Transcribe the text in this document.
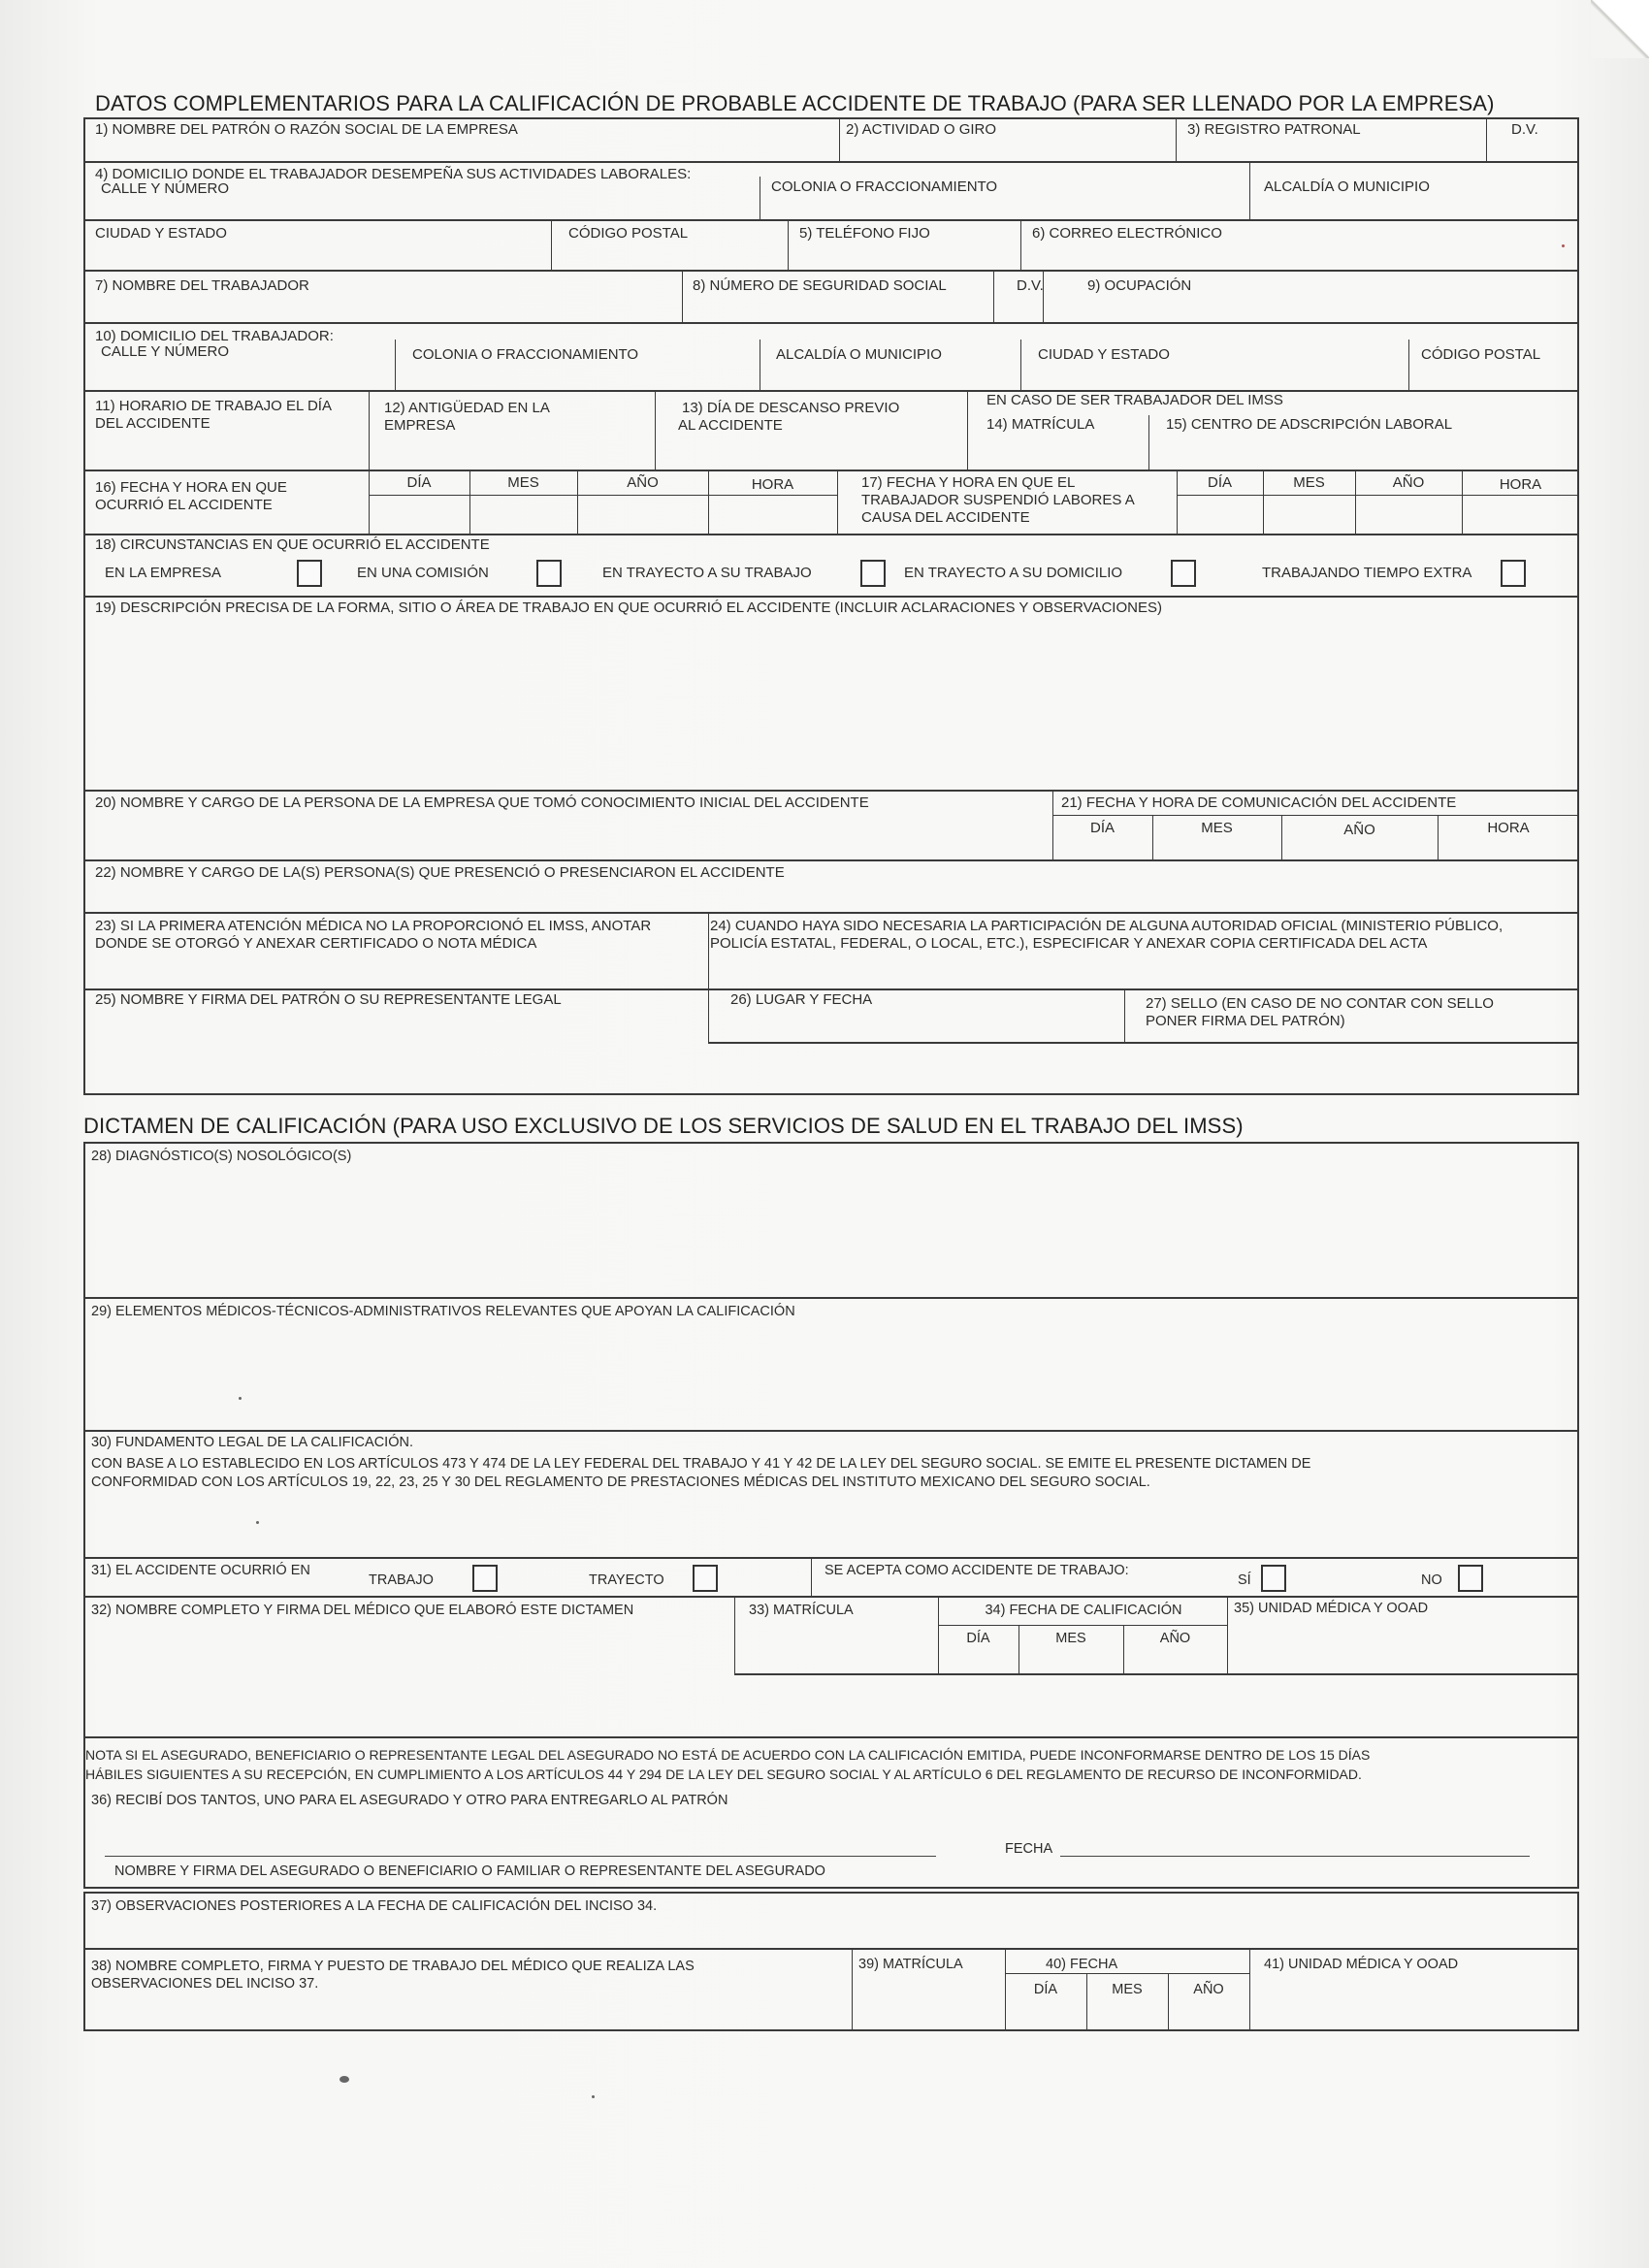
DATOS COMPLEMENTARIOS PARA LA CALIFICACIÓN DE PROBABLE ACCIDENTE DE TRABAJO (PARA SER LLENADO POR LA EMPRESA)
1) NOMBRE DEL PATRÓN O RAZÓN SOCIAL DE LA EMPRESA	2) ACTIVIDAD O GIRO	3) REGISTRO PATRONAL	D.V.
4) DOMICILIO DONDE EL TRABAJADOR DESEMPEÑA SUS ACTIVIDADES LABORALES:
CALLE Y NÚMERO	COLONIA O FRACCIONAMIENTO	ALCALDÍA O MUNICIPIO
CIUDAD Y ESTADO	CÓDIGO POSTAL	5) TELÉFONO FIJO	6) CORREO ELECTRÓNICO
7) NOMBRE DEL TRABAJADOR	8) NÚMERO DE SEGURIDAD SOCIAL	D.V.	9) OCUPACIÓN
10) DOMICILIO DEL TRABAJADOR:
CALLE Y NÚMERO	COLONIA O FRACCIONAMIENTO	ALCALDÍA O MUNICIPIO	CIUDAD Y ESTADO	CÓDIGO POSTAL
11) HORARIO DE TRABAJO EL DÍA
DEL ACCIDENTE
12) ANTIGÜEDAD EN LA
EMPRESA
13) DÍA DE DESCANSO PREVIO
AL ACCIDENTE
EN CASO DE SER TRABAJADOR DEL IMSS
14) MATRÍCULA	15) CENTRO DE ADSCRIPCIÓN LABORAL
16) FECHA Y HORA EN QUE
OCURRIÓ EL ACCIDENTE
DÍA	MES	AÑO	HORA	17) FECHA Y HORA EN QUE EL
TRABAJADOR SUSPENDIÓ LABORES A
CAUSA DEL ACCIDENTE
DÍA	MES	AÑO	HORA
18) CIRCUNSTANCIAS EN QUE OCURRIÓ EL ACCIDENTE
EN LA EMPRESA	EN UNA COMISIÓN	EN TRAYECTO A SU TRABAJO	EN TRAYECTO A SU DOMICILIO	TRABAJANDO TIEMPO EXTRA
19) DESCRIPCIÓN PRECISA DE LA FORMA, SITIO O ÁREA DE TRABAJO EN QUE OCURRIÓ EL ACCIDENTE (INCLUIR ACLARACIONES Y OBSERVACIONES)
20) NOMBRE Y CARGO DE LA PERSONA DE LA EMPRESA QUE TOMÓ CONOCIMIENTO INICIAL DEL ACCIDENTE	21) FECHA Y HORA DE COMUNICACIÓN DEL ACCIDENTE
DÍA	MES	AÑO	HORA
22) NOMBRE Y CARGO DE LA(S) PERSONA(S) QUE PRESENCIÓ O PRESENCIARON EL ACCIDENTE
23) SI LA PRIMERA ATENCIÓN MÉDICA NO LA PROPORCIONÓ EL IMSS, ANOTAR
DONDE SE OTORGÓ Y ANEXAR CERTIFICADO O NOTA MÉDICA
24) CUANDO HAYA SIDO NECESARIA LA PARTICIPACIÓN DE ALGUNA AUTORIDAD OFICIAL (MINISTERIO PÚBLICO,
POLICÍA ESTATAL, FEDERAL, O LOCAL, ETC.), ESPECIFICAR Y ANEXAR COPIA CERTIFICADA DEL ACTA
25) NOMBRE Y FIRMA DEL PATRÓN O SU REPRESENTANTE LEGAL	26) LUGAR Y FECHA	27) SELLO (EN CASO DE NO CONTAR CON SELLO
PONER FIRMA DEL PATRÓN)
DICTAMEN DE CALIFICACIÓN (PARA USO EXCLUSIVO DE LOS SERVICIOS DE SALUD EN EL TRABAJO DEL IMSS)
28) DIAGNÓSTICO(S) NOSOLÓGICO(S)
29) ELEMENTOS MÉDICOS-TÉCNICOS-ADMINISTRATIVOS RELEVANTES QUE APOYAN LA CALIFICACIÓN
30) FUNDAMENTO LEGAL DE LA CALIFICACIÓN.
CON BASE A LO ESTABLECIDO EN LOS ARTÍCULOS 473 Y 474 DE LA LEY FEDERAL DEL TRABAJO Y 41 Y 42 DE LA LEY DEL SEGURO SOCIAL. SE EMITE EL PRESENTE DICTAMEN DE
CONFORMIDAD CON LOS ARTÍCULOS 19, 22, 23, 25 Y 30 DEL REGLAMENTO DE PRESTACIONES MÉDICAS DEL INSTITUTO MEXICANO DEL SEGURO SOCIAL.
31) EL ACCIDENTE OCURRIÓ EN
TRABAJO	TRAYECTO
SE ACEPTA COMO ACCIDENTE DE TRABAJO:
SÍ	NO
32) NOMBRE COMPLETO Y FIRMA DEL MÉDICO QUE ELABORÓ ESTE DICTAMEN	33) MATRÍCULA	34) FECHA DE CALIFICACIÓN	35) UNIDAD MÉDICA Y OOAD
DÍA	MES	AÑO
NOTA SI EL ASEGURADO, BENEFICIARIO O REPRESENTANTE LEGAL DEL ASEGURADO NO ESTÁ DE ACUERDO CON LA CALIFICACIÓN EMITIDA, PUEDE INCONFORMARSE DENTRO DE LOS 15 DÍAS
HÁBILES SIGUIENTES A SU RECEPCIÓN, EN CUMPLIMIENTO A LOS ARTÍCULOS 44 Y 294 DE LA LEY DEL SEGURO SOCIAL Y AL ARTÍCULO 6 DEL REGLAMENTO DE RECURSO DE INCONFORMIDAD.
36) RECIBÍ DOS TANTOS, UNO PARA EL ASEGURADO Y OTRO PARA ENTREGARLO AL PATRÓN
FECHA
NOMBRE Y FIRMA DEL ASEGURADO O BENEFICIARIO O FAMILIAR O REPRESENTANTE DEL ASEGURADO
37) OBSERVACIONES POSTERIORES A LA FECHA DE CALIFICACIÓN DEL INCISO 34.
38) NOMBRE COMPLETO, FIRMA Y PUESTO DE TRABAJO DEL MÉDICO QUE REALIZA LAS
OBSERVACIONES DEL INCISO 37.
39) MATRÍCULA	40) FECHA	41) UNIDAD MÉDICA Y OOAD
DÍA	MES	AÑO
